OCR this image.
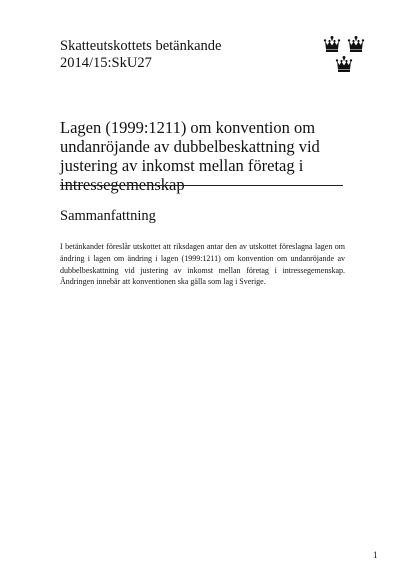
Skatteutskottets betänkande
2014/15:SkU27
Lagen (1999:1211) om konvention om undanröjande av dubbelbeskattning vid justering av inkomst mellan företag i intressegemenskap
Sammanfattning
I betänkandet föreslår utskottet att riksdagen antar den av utskottet föreslagna lagen om ändring i lagen om ändring i lagen (1999:1211) om konvention om undanröjande av dubbelbeskattning vid justering av inkomst mellan företag i intressegemenskap. Ändringen innebär att konventionen ska gälla som lag i Sverige.
1
